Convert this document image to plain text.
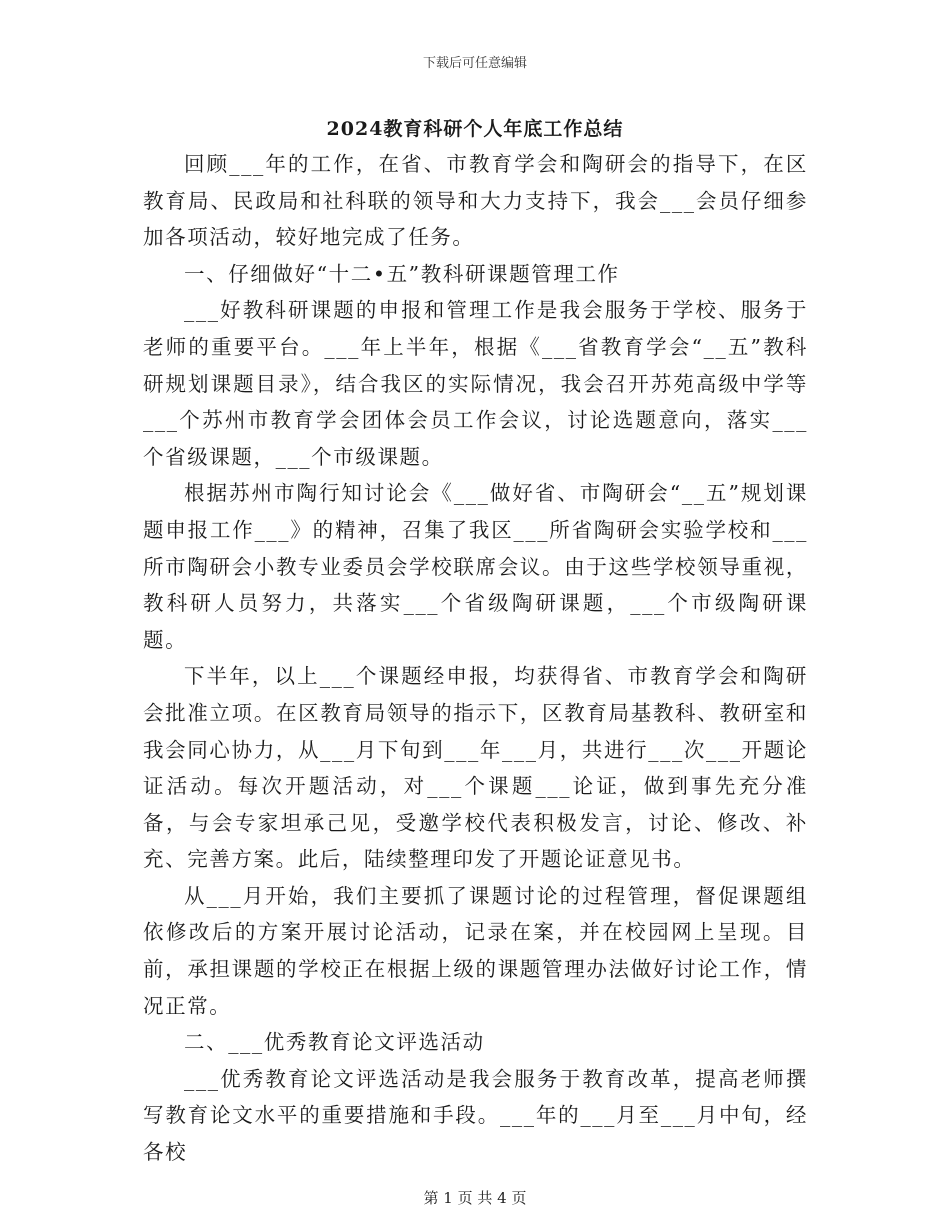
下载后可任意编辑
2024教育科研个人年底工作总结

回顾___年的工作，在省、市教育学会和陶研会的指导下，在区教育局、民政局和社科联的领导和大力支持下，我会___会员仔细参加各项活动，较好地完成了任务。

一、仔细做好“十二•五”教科研课题管理工作

___好教科研课题的申报和管理工作是我会服务于学校、服务于老师的重要平台。___年上半年，根据《___省教育学会“__五”教科研规划课题目录》，结合我区的实际情况，我会召开苏苑高级中学等___个苏州市教育学会团体会员工作会议，讨论选题意向，落实___个省级课题，___个市级课题。

根据苏州市陶行知讨论会《___做好省、市陶研会“__五”规划课题申报工作___》的精神，召集了我区___所省陶研会实验学校和___所市陶研会小教专业委员会学校联席会议。由于这些学校领导重视，教科研人员努力，共落实___个省级陶研课题，___个市级陶研课题。

下半年，以上___个课题经申报，均获得省、市教育学会和陶研会批准立项。在区教育局领导的指示下，区教育局基教科、教研室和我会同心协力，从___月下旬到___年___月，共进行___次___开题论证活动。每次开题活动，对___个课题___论证，做到事先充分准备，与会专家坦承己见，受邀学校代表积极发言，讨论、修改、补充、完善方案。此后，陆续整理印发了开题论证意见书。

从___月开始，我们主要抓了课题讨论的过程管理，督促课题组依修改后的方案开展讨论活动，记录在案，并在校园网上呈现。目前，承担课题的学校正在根据上级的课题管理办法做好讨论工作，情况正常。

二、___优秀教育论文评选活动

___优秀教育论文评选活动是我会服务于教育改革，提高老师撰写教育论文水平的重要措施和手段。___年的___月至___月中旬，经各校

第 1 页 共 4 页
